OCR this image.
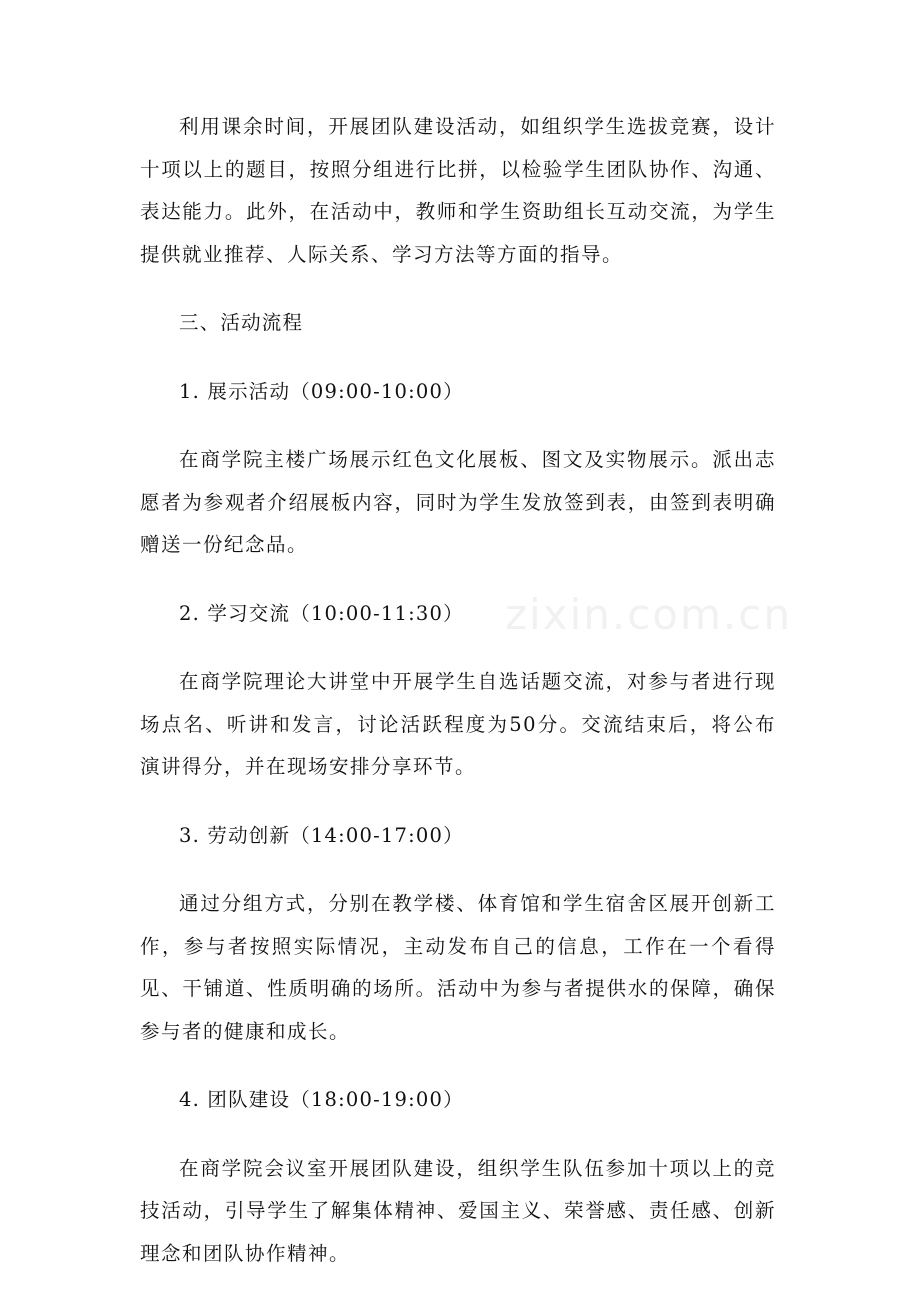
利用课余时间，开展团队建设活动，如组织学生选拔竞赛，设计十项以上的题目，按照分组进行比拼，以检验学生团队协作、沟通、表达能力。此外，在活动中，教师和学生资助组长互动交流，为学生提供就业推荐、人际关系、学习方法等方面的指导。

三、活动流程

1. 展示活动（09:00-10:00）

在商学院主楼广场展示红色文化展板、图文及实物展示。派出志愿者为参观者介绍展板内容，同时为学生发放签到表，由签到表明确赠送一份纪念品。

2. 学习交流（10:00-11:30）

在商学院理论大讲堂中开展学生自选话题交流，对参与者进行现场点名、听讲和发言，讨论活跃程度为50分。交流结束后，将公布演讲得分，并在现场安排分享环节。

3. 劳动创新（14:00-17:00）

通过分组方式，分别在教学楼、体育馆和学生宿舍区展开创新工作，参与者按照实际情况，主动发布自己的信息，工作在一个看得见、干铺道、性质明确的场所。活动中为参与者提供水的保障，确保参与者的健康和成长。

4. 团队建设（18:00-19:00）

在商学院会议室开展团队建设，组织学生队伍参加十项以上的竞技活动，引导学生了解集体精神、爱国主义、荣誉感、责任感、创新理念和团队协作精神。

zixin.com.cn
